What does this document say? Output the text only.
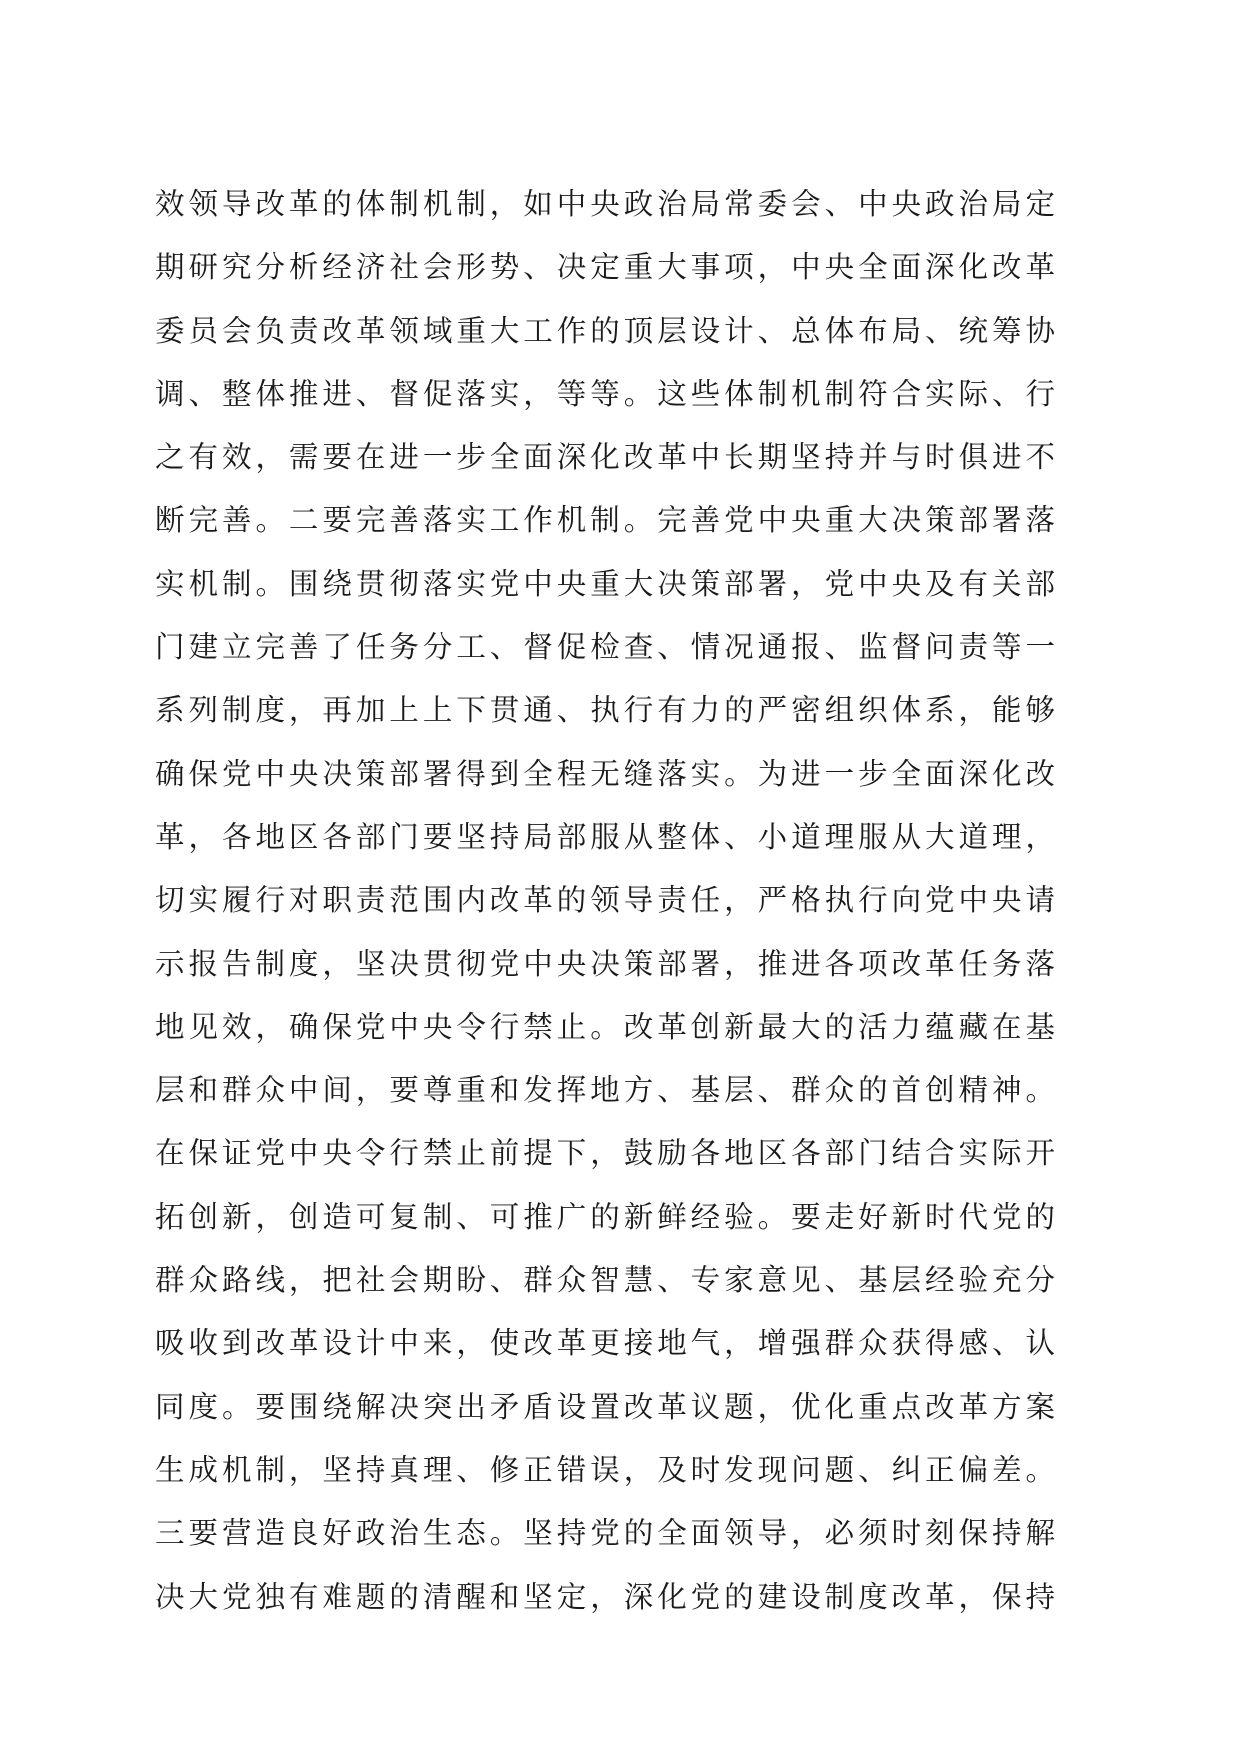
效领导改革的体制机制，如中央政治局常委会、中央政治局定
期研究分析经济社会形势、决定重大事项，中央全面深化改革
委员会负责改革领域重大工作的顶层设计、总体布局、统筹协
调、整体推进、督促落实，等等。这些体制机制符合实际、行
之有效，需要在进一步全面深化改革中长期坚持并与时俱进不
断完善。二要完善落实工作机制。完善党中央重大决策部署落
实机制。围绕贯彻落实党中央重大决策部署，党中央及有关部
门建立完善了任务分工、督促检查、情况通报、监督问责等一
系列制度，再加上上下贯通、执行有力的严密组织体系，能够
确保党中央决策部署得到全程无缝落实。为进一步全面深化改
革，各地区各部门要坚持局部服从整体、小道理服从大道理，
切实履行对职责范围内改革的领导责任，严格执行向党中央请
示报告制度，坚决贯彻党中央决策部署，推进各项改革任务落
地见效，确保党中央令行禁止。改革创新最大的活力蕴藏在基
层和群众中间，要尊重和发挥地方、基层、群众的首创精神。
在保证党中央令行禁止前提下，鼓励各地区各部门结合实际开
拓创新，创造可复制、可推广的新鲜经验。要走好新时代党的
群众路线，把社会期盼、群众智慧、专家意见、基层经验充分
吸收到改革设计中来，使改革更接地气，增强群众获得感、认
同度。要围绕解决突出矛盾设置改革议题，优化重点改革方案
生成机制，坚持真理、修正错误，及时发现问题、纠正偏差。
三要营造良好政治生态。坚持党的全面领导，必须时刻保持解
决大党独有难题的清醒和坚定，深化党的建设制度改革，保持
